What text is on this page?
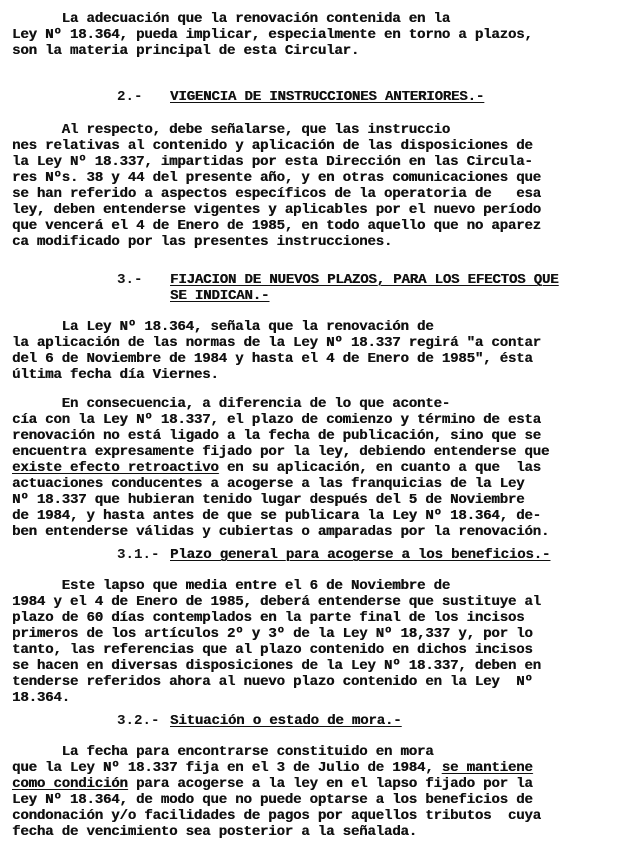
La adecuación que la renovación contenida en la
Ley Nº 18.364, pueda implicar, especialmente en torno a plazos,
son la materia principal de esta Circular.
2.- VIGENCIA DE INSTRUCCIONES ANTERIORES.-
Al respecto, debe señalarse, que las instruccio
nes relativas al contenido y aplicación de las disposiciones de
la Ley Nº 18.337, impartidas por esta Dirección en las Circula-
res Nºs. 38 y 44 del presente año, y en otras comunicaciones que
se han referido a aspectos específicos de la operatoria de   esa
ley, deben entenderse vigentes y aplicables por el nuevo período
que vencerá el 4 de Enero de 1985, en todo aquello que no aparez
ca modificado por las presentes instrucciones.
3.- FIJACION DE NUEVOS PLAZOS, PARA LOS EFECTOS QUE
SE INDICAN.-
La Ley Nº 18.364, señala que la renovación de
la aplicación de las normas de la Ley Nº 18.337 regirá "a contar
del 6 de Noviembre de 1984 y hasta el 4 de Enero de 1985", ésta
última fecha día Viernes.
En consecuencia, a diferencia de lo que aconte-
cía con la Ley Nº 18.337, el plazo de comienzo y término de esta
renovación no está ligado a la fecha de publicación, sino que se
encuentra expresamente fijado por la ley, debiendo entenderse que
existe efecto retroactivo en su aplicación, en cuanto a que  las
actuaciones conducentes a acogerse a las franquicias de la Ley
Nº 18.337 que hubieran tenido lugar después del 5 de Noviembre
de 1984, y hasta antes de que se publicara la Ley Nº 18.364, de-
ben entenderse válidas y cubiertas o amparadas por la renovación.
3.1.- Plazo general para acogerse a los beneficios.-
Este lapso que media entre el 6 de Noviembre de
1984 y el 4 de Enero de 1985, deberá entenderse que sustituye al
plazo de 60 días contemplados en la parte final de los incisos
primeros de los artículos 2º y 3º de la Ley Nº 18,337 y, por lo
tanto, las referencias que al plazo contenido en dichos incisos
se hacen en diversas disposiciones de la Ley Nº 18.337, deben en
tenderse referidos ahora al nuevo plazo contenido en la Ley  Nº
18.364.
3.2.- Situación o estado de mora.-
La fecha para encontrarse constituido en mora
que la Ley Nº 18.337 fija en el 3 de Julio de 1984, se mantiene
como condición para acogerse a la ley en el lapso fijado por la
Ley Nº 18.364, de modo que no puede optarse a los beneficios de
condonación y/o facilidades de pagos por aquellos tributos  cuya
fecha de vencimiento sea posterior a la señalada.
